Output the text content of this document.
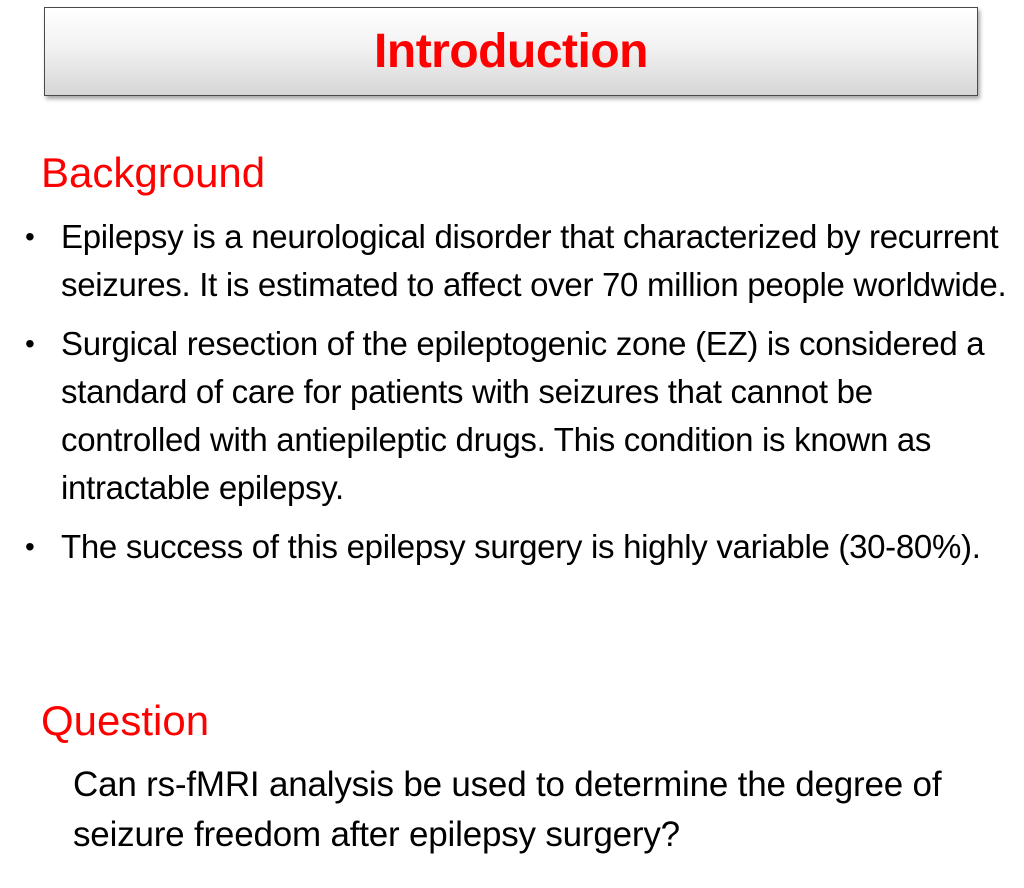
Introduction
Background
• Epilepsy is a neurological disorder that characterized by recurrent seizures. It is estimated to affect over 70 million people worldwide.
• Surgical resection of the epileptogenic zone (EZ) is considered a standard of care for patients with seizures that cannot be controlled with antiepileptic drugs. This condition is known as intractable epilepsy.
• The success of this epilepsy surgery is highly variable (30-80%).
Question
Can rs-fMRI analysis be used to determine the degree of seizure freedom after epilepsy surgery?
